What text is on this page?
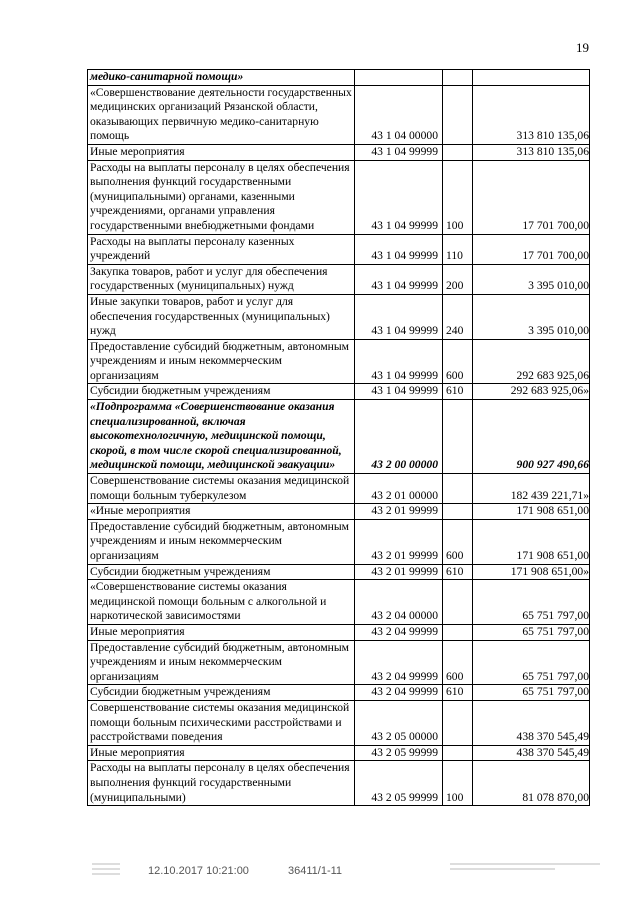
19
медико-санитарной помощи»			
«Совершенствование деятельности государственных медицинских организаций Рязанской области, оказывающих первичную медико-санитарную помощь	43 1 04 00000		313 810 135,06
Иные мероприятия	43 1 04 99999		313 810 135,06
Расходы на выплаты персоналу в целях обеспечения выполнения функций государственными (муниципальными) органами, казенными учреждениями, органами управления государственными внебюджетными фондами	43 1 04 99999	100	17 701 700,00
Расходы на выплаты персоналу казенных учреждений	43 1 04 99999	110	17 701 700,00
Закупка товаров, работ и услуг для обеспечения государственных (муниципальных) нужд	43 1 04 99999	200	3 395 010,00
Иные закупки товаров, работ и услуг для обеспечения государственных (муниципальных) нужд	43 1 04 99999	240	3 395 010,00
Предоставление субсидий бюджетным, автономным учреждениям и иным некоммерческим организациям	43 1 04 99999	600	292 683 925,06
Субсидии бюджетным учреждениям	43 1 04 99999	610	292 683 925,06»
«Подпрограмма «Совершенствование оказания специализированной, включая высокотехнологичную, медицинской помощи, скорой, в том числе скорой специализированной, медицинской помощи, медицинской эвакуации»	43 2 00 00000		900 927 490,66
Совершенствование системы оказания медицинской помощи больным туберкулезом	43 2 01 00000		182 439 221,71»
«Иные мероприятия	43 2 01 99999		171 908 651,00
Предоставление субсидий бюджетным, автономным учреждениям и иным некоммерческим организациям	43 2 01 99999	600	171 908 651,00
Субсидии бюджетным учреждениям	43 2 01 99999	610	171 908 651,00»
«Совершенствование системы оказания медицинской помощи больным с алкогольной и наркотической зависимостями	43 2 04 00000		65 751 797,00
Иные мероприятия	43 2 04 99999		65 751 797,00
Предоставление субсидий бюджетным, автономным учреждениям и иным некоммерческим организациям	43 2 04 99999	600	65 751 797,00
Субсидии бюджетным учреждениям	43 2 04 99999	610	65 751 797,00
Совершенствование системы оказания медицинской помощи больным психическими расстройствами и расстройствами поведения	43 2 05 00000		438 370 545,49
Иные мероприятия	43 2 05 99999		438 370 545,49
Расходы на выплаты персоналу в целях обеспечения выполнения функций государственными (муниципальными)	43 2 05 99999	100	81 078 870,00
12.10.2017 10:21:00	36411/1-11
